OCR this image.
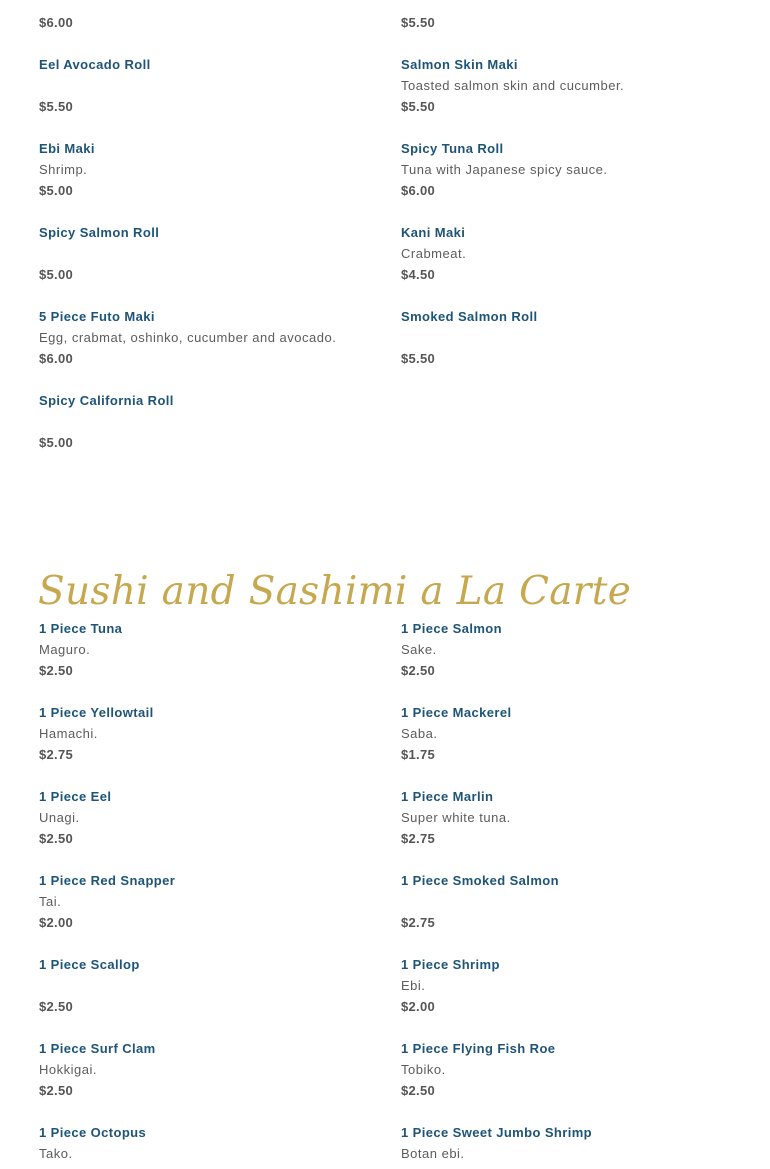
$6.00	$5.50
Eel Avocado Roll
$5.50
Ebi Maki
Shrimp.
$5.00
Spicy Salmon Roll
$5.00
5 Piece Futo Maki
Egg, crabmat, oshinko, cucumber and avocado.
$6.00
Spicy California Roll
$5.00
Salmon Skin Maki
Toasted salmon skin and cucumber.
$5.50
Spicy Tuna Roll
Tuna with Japanese spicy sauce.
$6.00
Kani Maki
Crabmeat.
$4.50
Smoked Salmon Roll
$5.50
Sushi and Sashimi a La Carte
1 Piece Tuna
Maguro.
$2.50
1 Piece Yellowtail
Hamachi.
$2.75
1 Piece Eel
Unagi.
$2.50
1 Piece Red Snapper
Tai.
$2.00
1 Piece Scallop
$2.50
1 Piece Surf Clam
Hokkigai.
$2.50
1 Piece Octopus
Tako.
1 Piece Salmon
Sake.
$2.50
1 Piece Mackerel
Saba.
$1.75
1 Piece Marlin
Super white tuna.
$2.75
1 Piece Smoked Salmon
$2.75
1 Piece Shrimp
Ebi.
$2.00
1 Piece Flying Fish Roe
Tobiko.
$2.50
1 Piece Sweet Jumbo Shrimp
Botan ebi.
